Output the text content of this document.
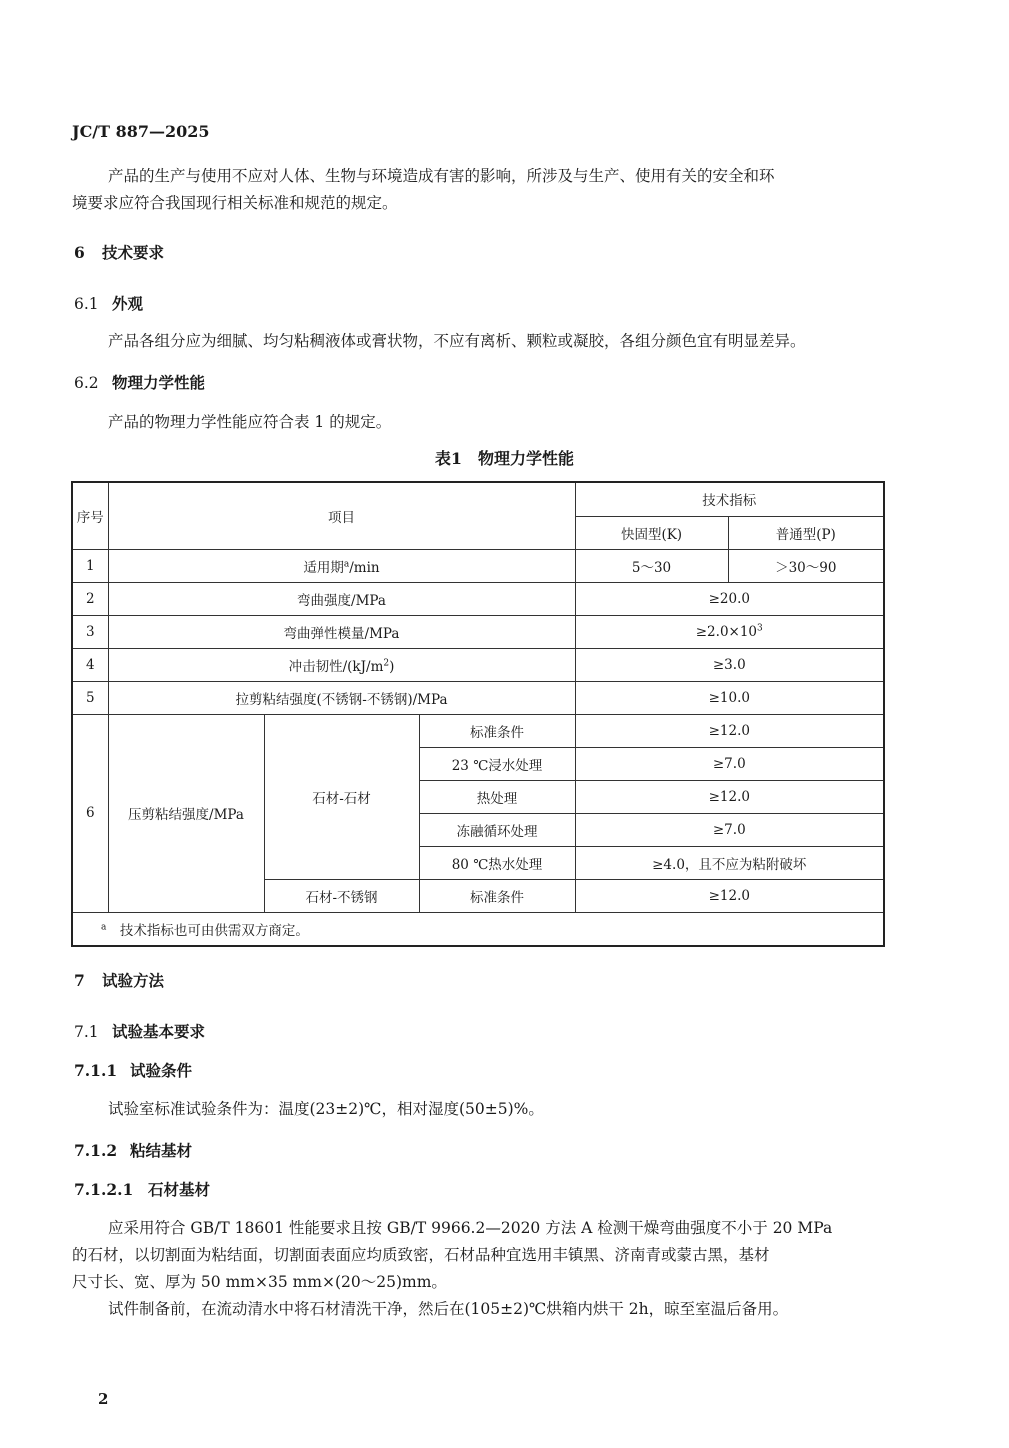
JC/T 887—2025
产品的生产与使用不应对人体、生物与环境造成有害的影响，所涉及与生产、使用有关的安全和环
境要求应符合我国现行相关标准和规范的规定。
6 技术要求
6.1 外观
产品各组分应为细腻、均匀粘稠液体或膏状物，不应有离析、颗粒或凝胶，各组分颜色宜有明显差异。
6.2 物理力学性能
产品的物理力学性能应符合表 1 的规定。
表1　物理力学性能
序号	项目			技术指标	
				快固型(K)	普通型(P)
1	适用期$^a$/min			5～30	＞30～90
2	弯曲强度/MPa			≥20.0	
3	弯曲弹性模量/MPa			$\ge 2.0\times 10^3$
4	冲击韧性$/(kJ/m^2)$			≥3.0	
5	拉剪粘结强度(不锈钢-不锈钢)/MPa			≥10.0	
6	压剪粘结强度/MPa	石材-石材	标准条件	≥12.0	
			23 ℃浸水处理	≥7.0	
			热处理	≥12.0	
			冻融循环处理	≥7.0	
			80 ℃热水处理	≥4.0，且不应为粘附破坏	
		石材-不锈钢	标准条件	≥12.0	
$^a$　 技术指标也可由供需双方商定。					
7 试验方法
7.1 试验基本要求
7.1.1 试验条件
试验室标准试验条件为：温度(23±2)℃，相对湿度(50±5)%。
7.1.2 粘结基材
7.1.2.1 石材基材
应采用符合 GB/T 18601 性能要求且按 GB/T 9966.2—2020 方法 A 检测干燥弯曲强度不小于 20 MPa
的石材，以切割面为粘结面，切割面表面应均质致密，石材品种宜选用丰镇黑、济南青或蒙古黑，基材
尺寸长、宽、厚为 50 mm×35 mm×(20～25)mm。
试件制备前，在流动清水中将石材清洗干净，然后在(105±2)℃烘箱内烘干 2h，晾至室温后备用。
2
